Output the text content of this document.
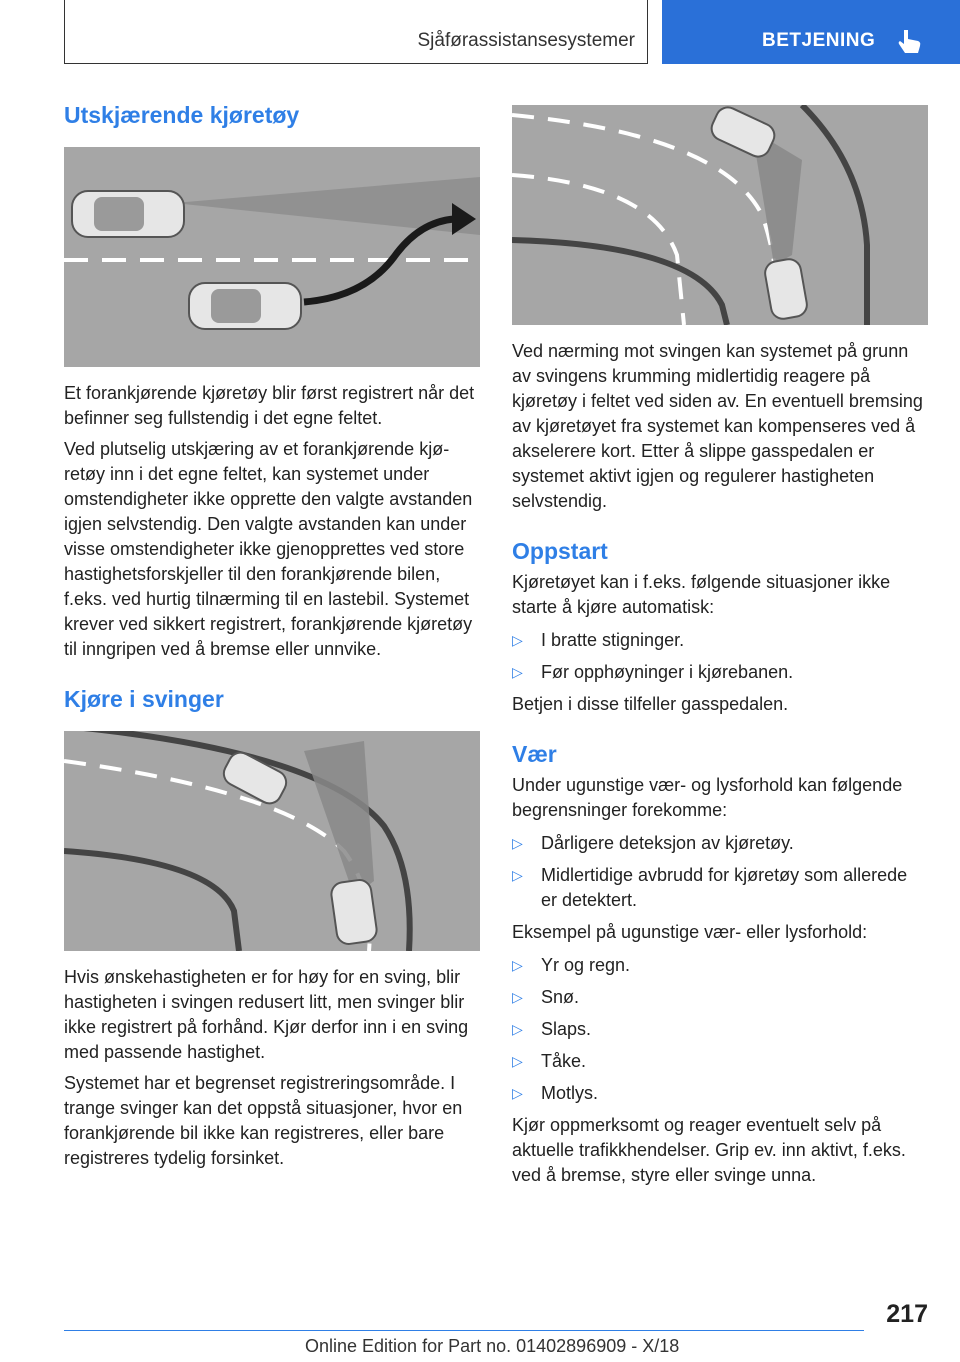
Sjåførassistansesystemer	BETJENING
Utskjærende kjøretøy

Et forankjørende kjøretøy blir først registrert når det befinner seg fullstendig i det egne feltet.

Ved plutselig utskjæring av et forankjørende kjøretøy inn i det egne feltet, kan systemet under omstendigheter ikke opprette den valgte avstanden igjen selvstendig. Den valgte avstanden kan under visse omstendigheter ikke gjenopprettes ved store hastighetsforskjeller til den forankjørende bilen, f.eks. ved hurtig tilnærming til en lastebil. Systemet krever ved sikkert registrert, forankjørende kjøretøy til inngripen ved å bremse eller unnvike.

Kjøre i svinger

Hvis ønskehastigheten er for høy for en sving, blir hastigheten i svingen redusert litt, men svinger blir ikke registrert på forhånd. Kjør derfor inn i en sving med passende hastighet.

Systemet har et begrenset registreringsområde. I trange svinger kan det oppstå situasjoner, hvor en forankjørende bil ikke kan registreres, eller bare registreres tydelig forsinket.

Ved nærming mot svingen kan systemet på grunn av svingens krumming midlertidig reagere på kjøretøy i feltet ved siden av. En eventuell bremsing av kjøretøyet fra systemet kan kompenseres ved å akselerere kort. Etter å slippe gasspedalen er systemet aktivt igjen og regulerer hastigheten selvstendig.

Oppstart

Kjøretøyet kan i f.eks. følgende situasjoner ikke starte å kjøre automatisk:

▷ I bratte stigninger.
▷ Før opphøyninger i kjørebanen.

Betjen i disse tilfeller gasspedalen.

Vær

Under ugunstige vær- og lysforhold kan følgende begrensninger forekomme:

▷ Dårligere deteksjon av kjøretøy.
▷ Midlertidige avbrudd for kjøretøy som allerede er detektert.

Eksempel på ugunstige vær- eller lysforhold:

▷ Yr og regn.
▷ Snø.
▷ Slaps.
▷ Tåke.
▷ Motlys.

Kjør oppmerksomt og reager eventuelt selv på aktuelle trafikkhendelser. Grip ev. inn aktivt, f.eks. ved å bremse, styre eller svinge unna.

217
Online Edition for Part no. 01402896909 - X/18
